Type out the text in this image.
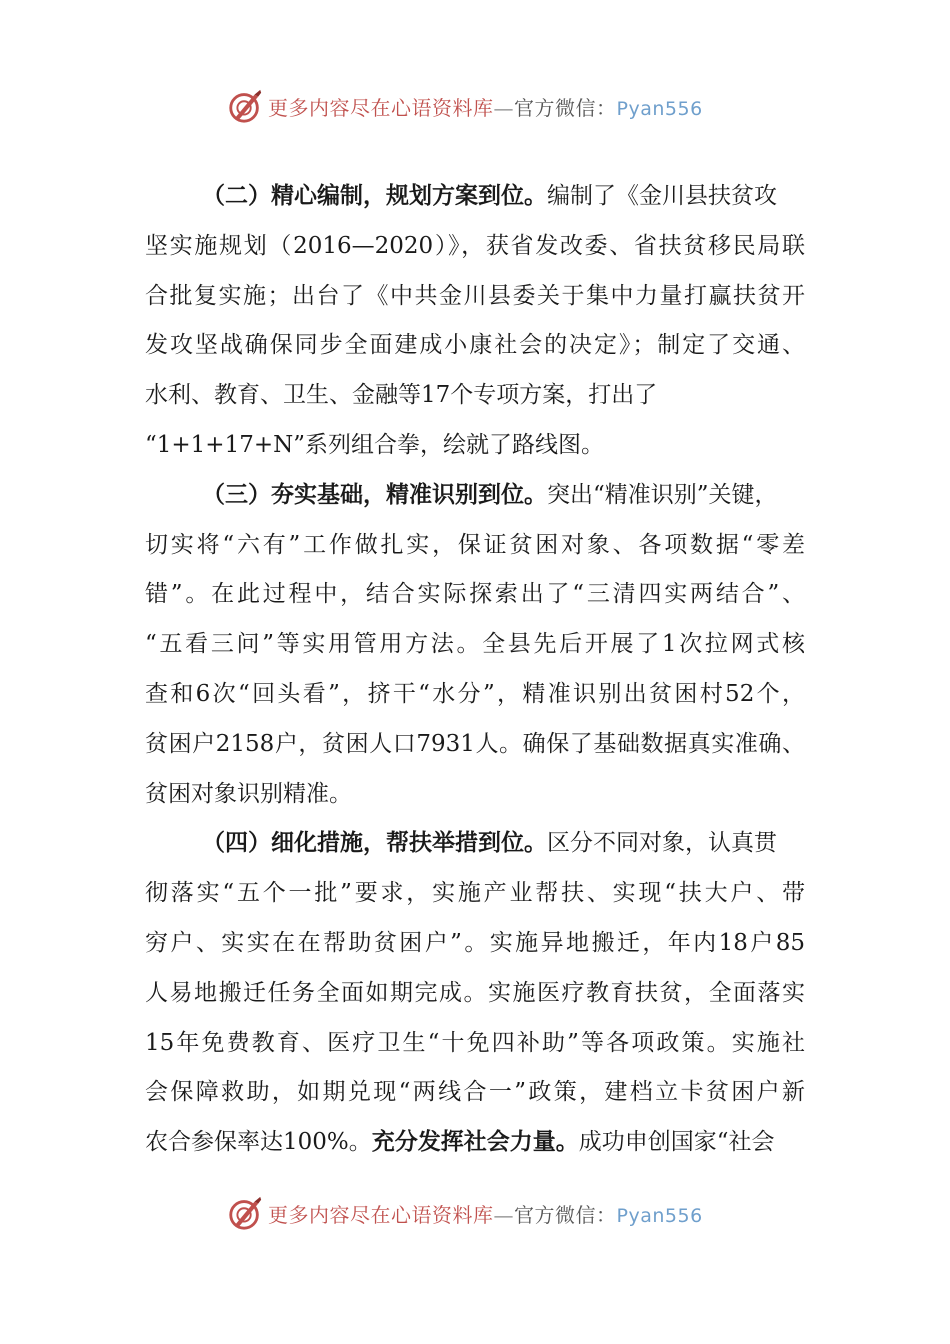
更多内容尽在心语资料库—官方微信：Pyan556
（二）精心编制，规划方案到位。编制了《金川县扶贫攻
坚实施规划（2016—2020）》，获省发改委、省扶贫移民局联
合批复实施；出台了《中共金川县委关于集中力量打赢扶贫开
发攻坚战确保同步全面建成小康社会的决定》；制定了交通、
水利、教育、卫生、金融等17个专项方案，打出了
“1+1+17+N”系列组合拳，绘就了路线图。
（三）夯实基础，精准识别到位。突出“精准识别”关键，
切实将“六有”工作做扎实，保证贫困对象、各项数据“零差
错”。在此过程中，结合实际探索出了“三清四实两结合”、
“五看三问”等实用管用方法。全县先后开展了1次拉网式核
查和6次“回头看”，挤干“水分”，精准识别出贫困村52个，
贫困户2158户，贫困人口7931人。确保了基础数据真实准确、
贫困对象识别精准。
（四）细化措施，帮扶举措到位。区分不同对象，认真贯
彻落实“五个一批”要求，实施产业帮扶、实现“扶大户、带
穷户、实实在在帮助贫困户”。实施异地搬迁，年内18户85
人易地搬迁任务全面如期完成。实施医疗教育扶贫，全面落实
15年免费教育、医疗卫生“十免四补助”等各项政策。实施社
会保障救助，如期兑现“两线合一”政策，建档立卡贫困户新
农合参保率达100%。充分发挥社会力量。成功申创国家“社会
更多内容尽在心语资料库—官方微信：Pyan556
